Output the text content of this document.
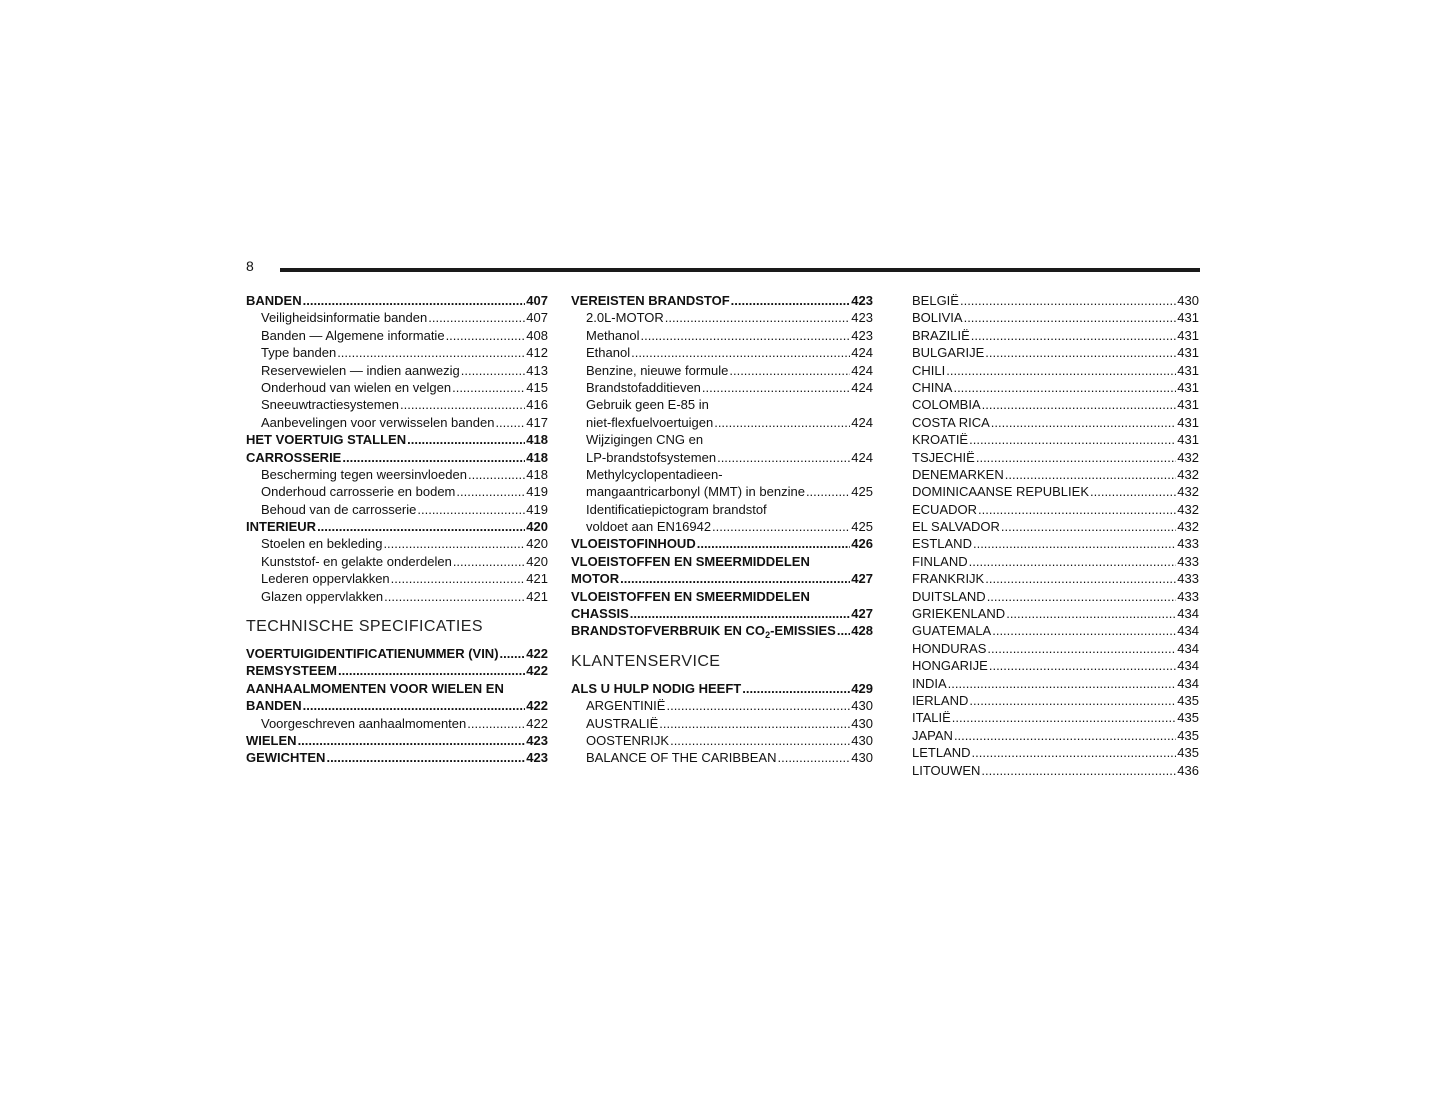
8
BANDEN .....	407
Veiligheidsinformatie banden .....	407
Banden — Algemene informatie .....	408
Type banden .....	412
Reservewielen — indien aanwezig .....	413
Onderhoud van wielen en velgen .....	415
Sneeuwtractiesystemen .....	416
Aanbevelingen voor verwisselen banden ..... 417
HET VOERTUIG STALLEN .....	418
CARROSSERIE .....	418
Bescherming tegen weersinvloeden .....	418
Onderhoud carrosserie en bodem .....	419
Behoud van de carrosserie .....	419
INTERIEUR .....	420
Stoelen en bekleding .....	420
Kunststof- en gelakte onderdelen .....	420
Lederen oppervlakken .....	421
Glazen oppervlakken .....	421
TECHNISCHE SPECIFICATIES
VOERTUIGIDENTIFICATIENUMMER (VIN) ..... 422
REMSYSTEEM .....	422
AANHAALMOMENTEN VOOR WIELEN EN
BANDEN .....	422
Voorgeschreven aanhaalmomenten .....	422
WIELEN .....	423
GEWICHTEN .....	423
VEREISTEN BRANDSTOF .....	423
2.0L-MOTOR .....	423
Methanol .....	423
Ethanol .....	424
Benzine, nieuwe formule .....	424
Brandstofadditieven .....	424
Gebruik geen E-85 in
niet-flexfuelvoertuigen .....	424
Wijzigingen CNG en
LP-brandstofsystemen .....	424
Methylcyclopentadieen-
mangaantricarbonyl (MMT) in benzine .....	425
Identificatiepictogram brandstof
voldoet aan EN16942 .....	425
VLOEISTOFINHOUD .....	426
VLOEISTOFFEN EN SMEERMIDDELEN
MOTOR .....	427
VLOEISTOFFEN EN SMEERMIDDELEN
CHASSIS .....	427
BRANDSTOFVERBRUIK EN $CO_2$-EMISSIES ..... 428
KLANTENSERVICE
ALS U HULP NODIG HEEFT .....	429
ARGENTINIË .....	430
AUSTRALIË .....	430
OOSTENRIJK .....	430
BALANCE OF THE CARIBBEAN .....	430
BELGIË .....	430
BOLIVIA .....	431
BRAZILIË .....	431
BULGARIJE .....	431
CHILI .....	431
CHINA .....	431
COLOMBIA .....	431
COSTA RICA .....	431
KROATIË .....	431
TSJECHIË .....	432
DENEMARKEN .....	432
DOMINICAANSE REPUBLIEK .....	432
ECUADOR .....	432
EL SALVADOR .....	432
ESTLAND .....	433
FINLAND .....	433
FRANKRIJK .....	433
DUITSLAND .....	433
GRIEKENLAND .....	434
GUATEMALA .....	434
HONDURAS .....	434
HONGARIJE .....	434
INDIA .....	434
IERLAND .....	435
ITALIË .....	435
JAPAN .....	435
LETLAND .....	435
LITOUWEN .....	436
